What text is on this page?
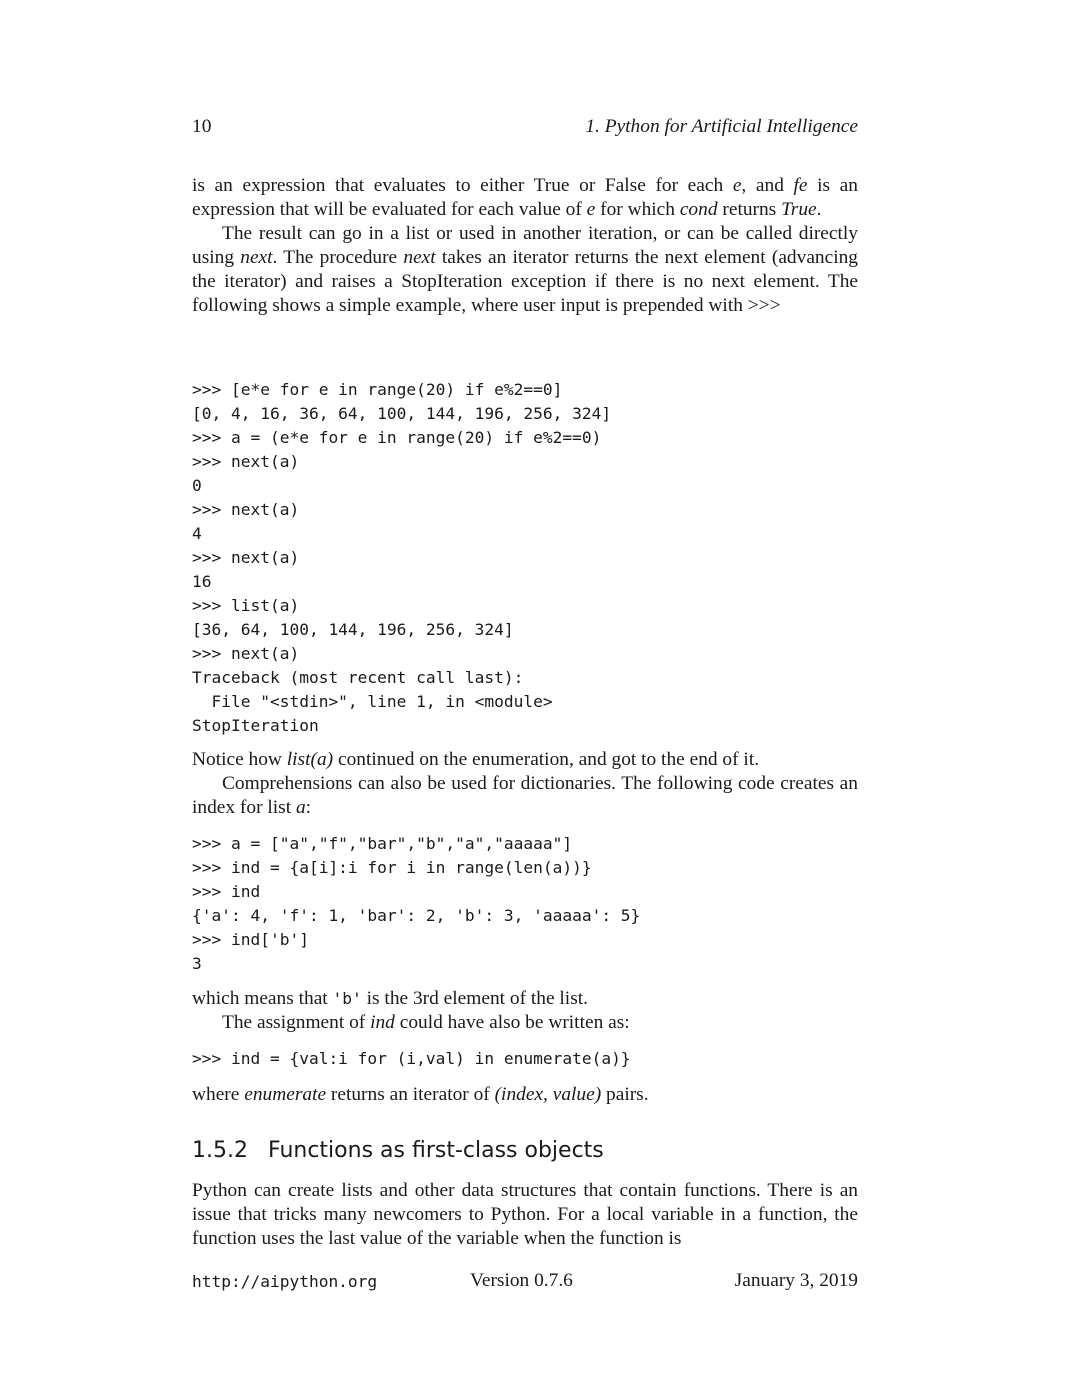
10	1. Python for Artificial Intelligence

is an expression that evaluates to either True or False for each e, and fe is an expression that will be evaluated for each value of e for which cond returns True.

The result can go in a list or used in another iteration, or can be called directly using next. The procedure next takes an iterator returns the next element (advancing the iterator) and raises a StopIteration exception if there is no next element. The following shows a simple example, where user input is prepended with >>>

>>> [e*e for e in range(20) if e%2==0]
[0, 4, 16, 36, 64, 100, 144, 196, 256, 324]
>>> a = (e*e for e in range(20) if e%2==0)
>>> next(a)
0
>>> next(a)
4
>>> next(a)
16
>>> list(a)
[36, 64, 100, 144, 196, 256, 324]
>>> next(a)
Traceback (most recent call last):
File "<stdin>", line 1, in <module>
StopIteration

Notice how list(a) continued on the enumeration, and got to the end of it.

Comprehensions can also be used for dictionaries. The following code creates an index for list a:

>>> a = ["a","f","bar","b","a","aaaaa"]
>>> ind = {a[i]:i for i in range(len(a))}
>>> ind
{'a': 4, 'f': 1, 'bar': 2, 'b': 3, 'aaaaa': 5}
>>> ind['b']
3

which means that 'b' is the 3rd element of the list.

The assignment of ind could have also be written as:

>>> ind = {val:i for (i,val) in enumerate(a)}

where enumerate returns an iterator of (index, value) pairs.

1.5.2 Functions as first-class objects

Python can create lists and other data structures that contain functions. There is an issue that tricks many newcomers to Python. For a local variable in a function, the function uses the last value of the variable when the function is

http://aipython.org	Version 0.7.6	January 3, 2019
